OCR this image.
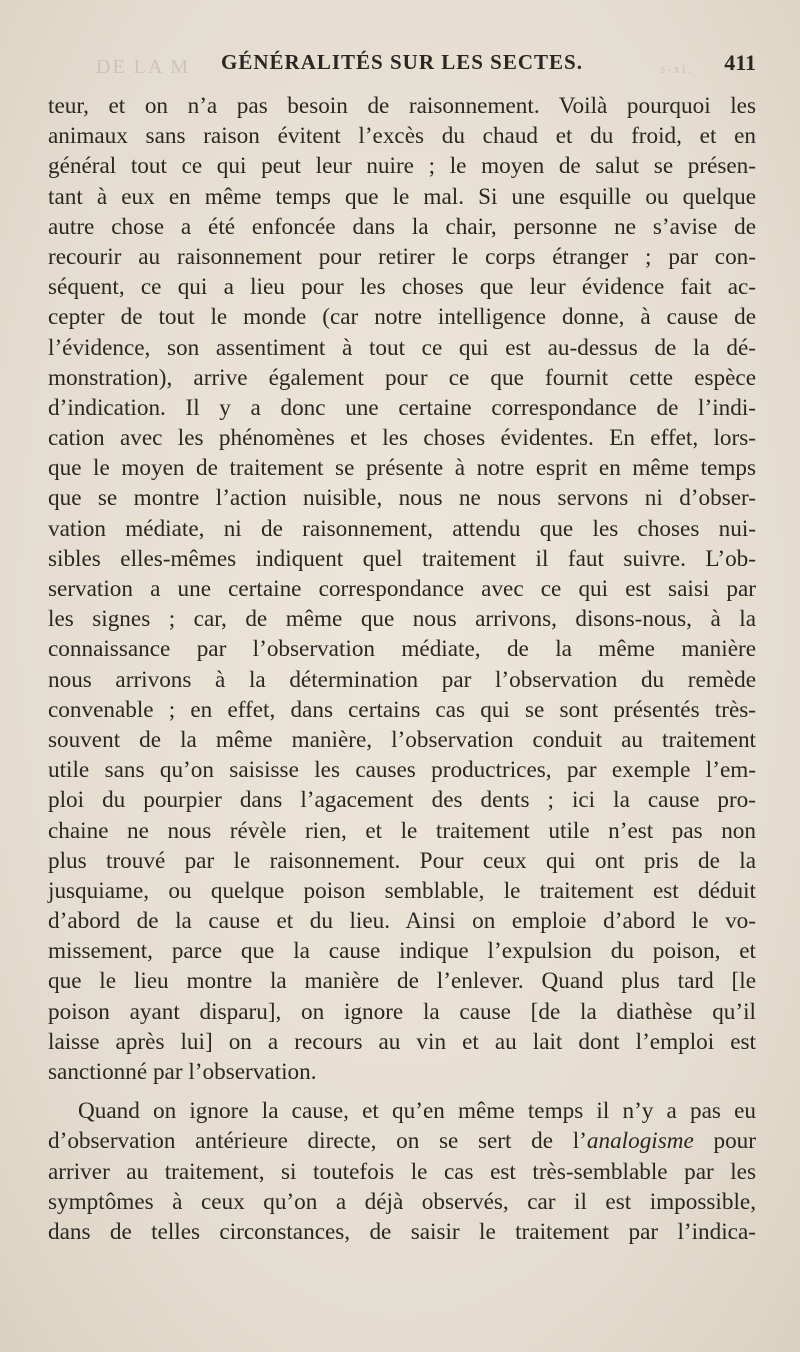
DE LA M	s-xi.
GÉNÉRALITÉS SUR LES SECTES.	411
teur, et on n’a pas besoin de raisonnement. Voilà pourquoi les
animaux sans raison évitent l’excès du chaud et du froid, et en
général tout ce qui peut leur nuire ; le moyen de salut se présen-
tant à eux en même temps que le mal. Si une esquille ou quelque
autre chose a été enfoncée dans la chair, personne ne s’avise de
recourir au raisonnement pour retirer le corps étranger ; par con-
séquent, ce qui a lieu pour les choses que leur évidence fait ac-
cepter de tout le monde (car notre intelligence donne, à cause de
l’évidence, son assentiment à tout ce qui est au-dessus de la dé-
monstration), arrive également pour ce que fournit cette espèce
d’indication. Il y a donc une certaine correspondance de l’indi-
cation avec les phénomènes et les choses évidentes. En effet, lors-
que le moyen de traitement se présente à notre esprit en même temps
que se montre l’action nuisible, nous ne nous servons ni d’obser-
vation médiate, ni de raisonnement, attendu que les choses nui-
sibles elles-mêmes indiquent quel traitement il faut suivre. L’ob-
servation a une certaine correspondance avec ce qui est saisi par
les signes ; car, de même que nous arrivons, disons-nous, à la
connaissance par l’observation médiate, de la même manière
nous arrivons à la détermination par l’observation du remède
convenable ; en effet, dans certains cas qui se sont présentés très-
souvent de la même manière, l’observation conduit au traitement
utile sans qu’on saisisse les causes productrices, par exemple l’em-
ploi du pourpier dans l’agacement des dents ; ici la cause pro-
chaine ne nous révèle rien, et le traitement utile n’est pas non
plus trouvé par le raisonnement. Pour ceux qui ont pris de la
jusquiame, ou quelque poison semblable, le traitement est déduit
d’abord de la cause et du lieu. Ainsi on emploie d’abord le vo-
missement, parce que la cause indique l’expulsion du poison, et
que le lieu montre la manière de l’enlever. Quand plus tard [le
poison ayant disparu], on ignore la cause [de la diathèse qu’il
laisse après lui] on a recours au vin et au lait dont l’emploi est
sanctionné par l’observation.
Quand on ignore la cause, et qu’en même temps il n’y a pas eu
d’observation antérieure directe, on se sert de l’analogisme pour
arriver au traitement, si toutefois le cas est très-semblable par les
symptômes à ceux qu’on a déjà observés, car il est impossible,
dans de telles circonstances, de saisir le traitement par l’indica-
